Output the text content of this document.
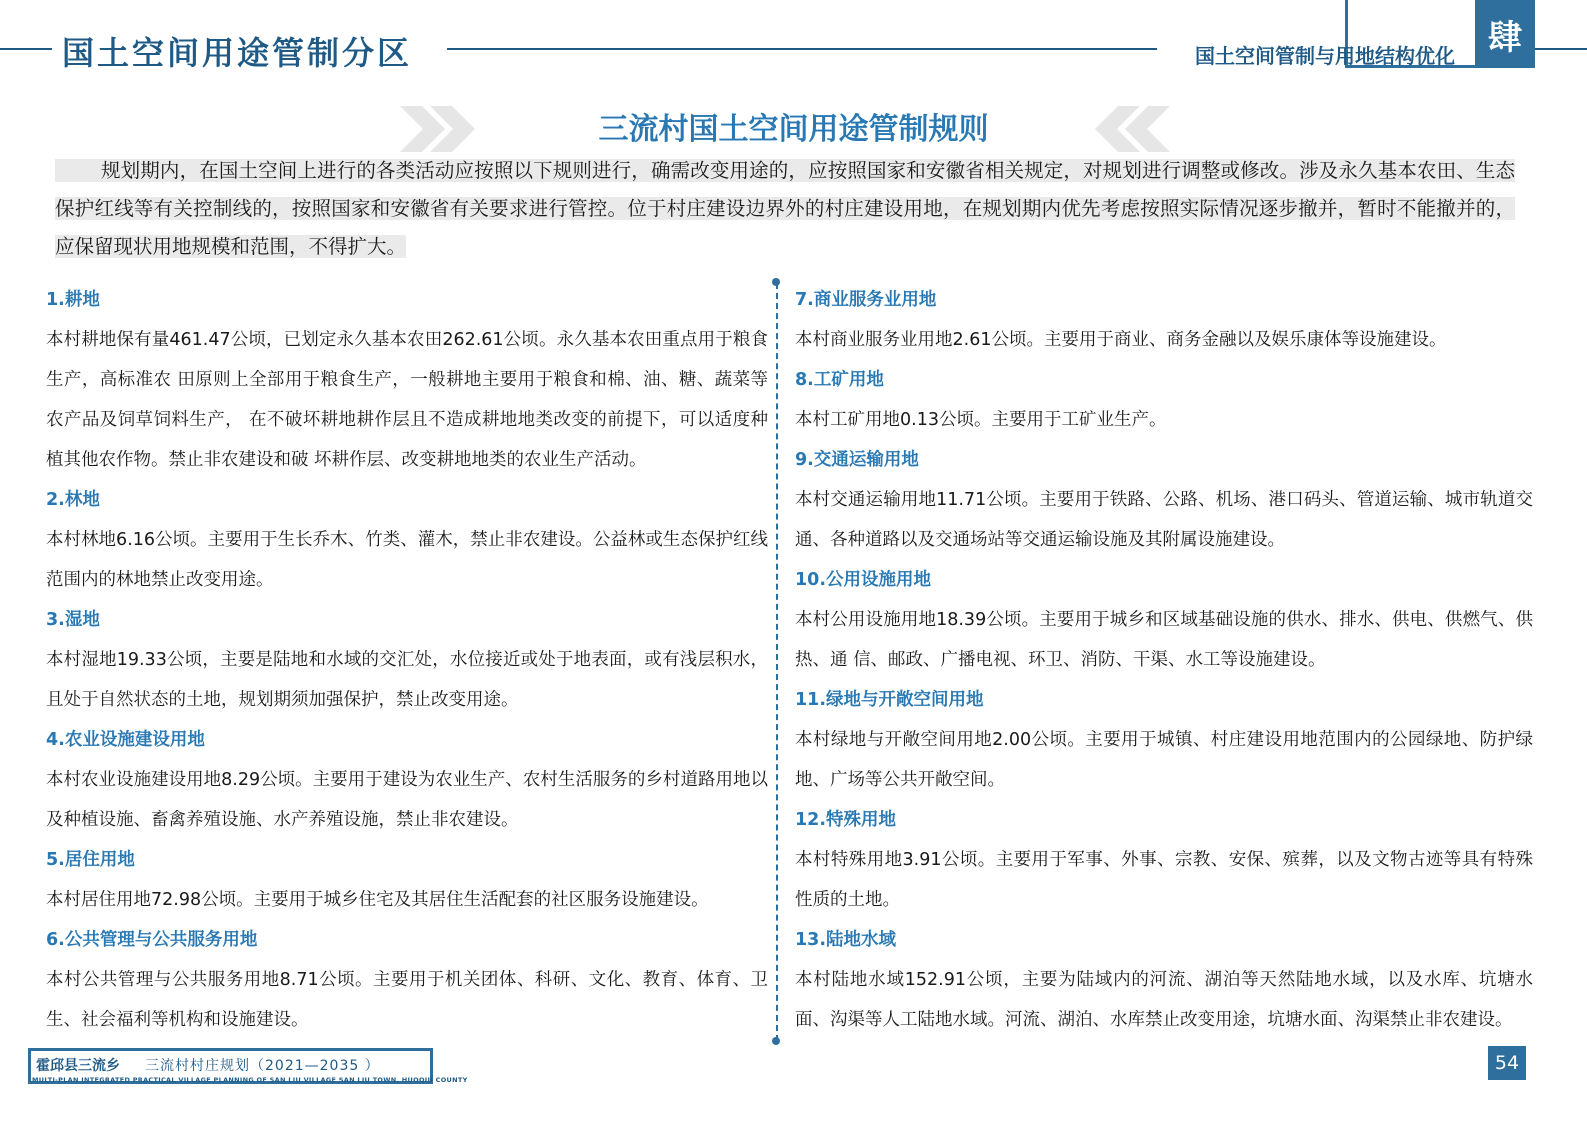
国土空间用途管制分区	国土空间管制与用地结构优化 肆
三流村国土空间用途管制规则
规划期内，在国土空间上进行的各类活动应按照以下规则进行，确需改变用途的，应按照国家和安徽省相关规定，对规划进行调整或修改。涉及永久基本农田、生态保护红线等有关控制线的，按照国家和安徽省有关要求进行管控。位于村庄建设边界外的村庄建设用地，在规划期内优先考虑按照实际情况逐步撤并，暂时不能撤并的，应保留现状用地规模和范围，不得扩大。
1.耕地
本村耕地保有量461.47公顷，已划定永久基本农田262.61公顷。永久基本农田重点用于粮食生产，高标准农 田原则上全部用于粮食生产，一般耕地主要用于粮食和棉、油、糖、蔬菜等农产品及饲草饲料生产， 在不破坏耕地耕作层且不造成耕地地类改变的前提下，可以适度种植其他农作物。禁止非农建设和破 坏耕作层、改变耕地地类的农业生产活动。
2.林地
本村林地6.16公顷。主要用于生长乔木、竹类、灌木，禁止非农建设。公益林或生态保护红线范围内的林地禁止改变用途。
3.湿地
本村湿地19.33公顷，主要是陆地和水域的交汇处，水位接近或处于地表面，或有浅层积水，且处于自然状态的土地，规划期须加强保护，禁止改变用途。
4.农业设施建设用地
本村农业设施建设用地8.29公顷。主要用于建设为农业生产、农村生活服务的乡村道路用地以及种植设施、畜禽养殖设施、水产养殖设施，禁止非农建设。
5.居住用地
本村居住用地72.98公顷。主要用于城乡住宅及其居住生活配套的社区服务设施建设。
6.公共管理与公共服务用地
本村公共管理与公共服务用地8.71公顷。主要用于机关团体、科研、文化、教育、体育、卫生、社会福利等机构和设施建设。
7.商业服务业用地
本村商业服务业用地2.61公顷。主要用于商业、商务金融以及娱乐康体等设施建设。
8.工矿用地
本村工矿用地0.13公顷。主要用于工矿业生产。
9.交通运输用地
本村交通运输用地11.71公顷。主要用于铁路、公路、机场、港口码头、管道运输、城市轨道交通、各种道路以及交通场站等交通运输设施及其附属设施建设。
10.公用设施用地
本村公用设施用地18.39公顷。主要用于城乡和区域基础设施的供水、排水、供电、供燃气、供热、通 信、邮政、广播电视、环卫、消防、干渠、水工等设施建设。
11.绿地与开敞空间用地
本村绿地与开敞空间用地2.00公顷。主要用于城镇、村庄建设用地范围内的公园绿地、防护绿地、广场等公共开敞空间。
12.特殊用地
本村特殊用地3.91公顷。主要用于军事、外事、宗教、安保、殡葬，以及文物古迹等具有特殊性质的土地。
13.陆地水域
本村陆地水域152.91公顷，主要为陆域内的河流、湖泊等天然陆地水域，以及水库、坑塘水面、沟渠等人工陆地水域。河流、湖泊、水库禁止改变用途，坑塘水面、沟渠禁止非农建设。
霍邱县三流乡 三流村村庄规划（2021—2035 ）
MULTI-PLAN INTEGRATED PRACTICAL VILLAGE PLANNING OF SAN LIU VILLAGE SAN LIU TOWN, HUOQIU COUNTY
54
